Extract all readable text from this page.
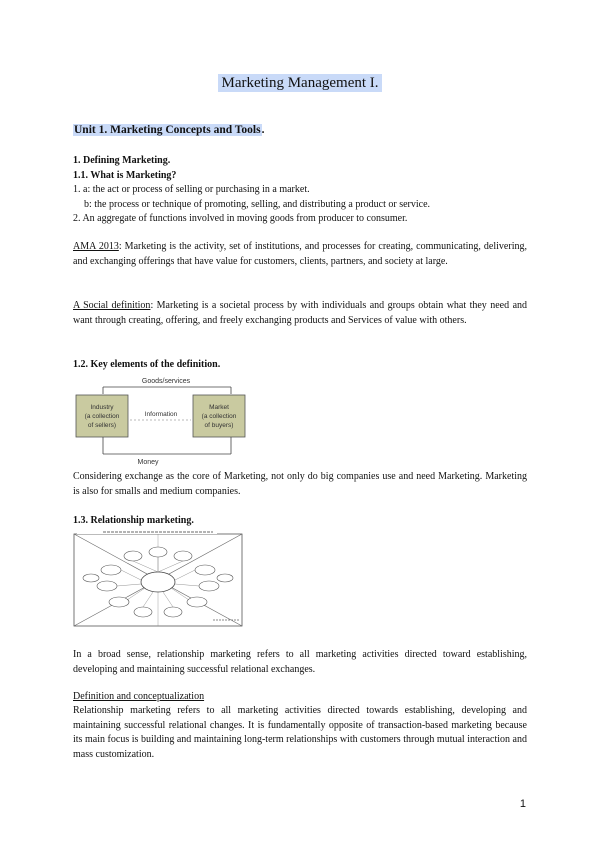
Marketing Management I.
Unit 1. Marketing Concepts and Tools.
1. Defining Marketing.
1.1. What is Marketing?
1. a: the act or process of selling or purchasing in a market.
b: the process or technique of promoting, selling, and distributing a product or service.
2. An aggregate of functions involved in moving goods from producer to consumer.
AMA 2013: Marketing is the activity, set of institutions, and processes for creating, communicating, delivering, and exchanging offerings that have value for customers, clients, partners, and society at large.
A Social definition: Marketing is a societal process by with individuals and groups obtain what they need and want through creating, offering, and freely exchanging products and Services of value with others.
1.2. Key elements of the definition.
Goods/services
Industry
(a collection
of sellers)
Market
(a collection
of buyers)
Information
Money
Considering exchange as the core of Marketing, not only do big companies use and need Marketing. Marketing is also for smalls and medium companies.
1.3. Relationship marketing.
In a broad sense, relationship marketing refers to all marketing activities directed toward establishing, developing and maintaining successful relational exchanges.
Definition and conceptualization
Relationship marketing refers to all marketing activities directed towards establishing, developing and maintaining successful relational changes. It is fundamentally opposite of transaction-based marketing because its main focus is building and maintaining long-term relationships with customers through mutual interaction and mass customization.
1
